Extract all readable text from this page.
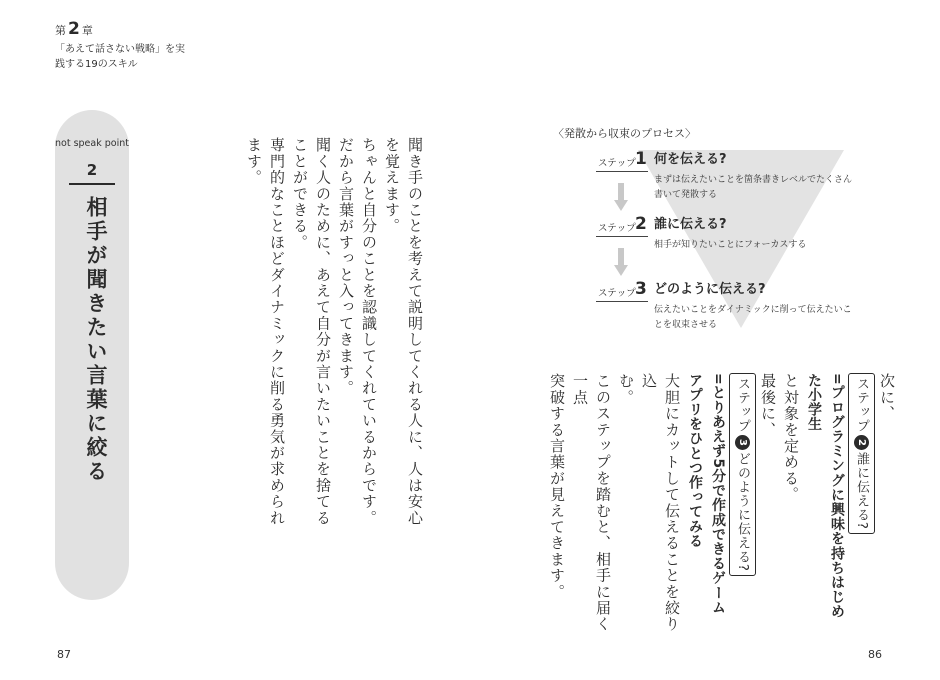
第 2 章
「あえて話さない戦略」を実践する19のスキル
not speak point
2
相手が聞きたい言葉に絞る	聞き手のことを考えて説明してくれる人に、人は安心を覚えます。

ちゃんと自分のことを認識してくれているからです。

だから言葉がすっと入ってきます。

聞く人のために、あえて自分が言いたいことを捨てることができる。

専門的なことほどダイナミックに削る勇気が求められます。

〈発散から収束のプロセス〉
ステップ 1 何を伝える?
まずは伝えたいことを箇条書きレベルでたくさん書いて発散する
ステップ 2 誰に伝える?
相手が知りたいことにフォーカスする
ステップ 3 どのように伝える?
伝えたいことをダイナミックに削って伝えたいことを収束させる

次に、

ステップ2誰に伝える?

=プログラミングに興味を持ちはじめ

た小学生

と対象を定める。

最後に、

ステップ3どのように伝える?

=とりあえず5分で作成できるゲーム

アプリをひとつ作ってみる

大胆にカットして伝えることを絞り込

む。

このステップを踏むと、相手に届く一点

突破する言葉が見えてきます。

87	86
